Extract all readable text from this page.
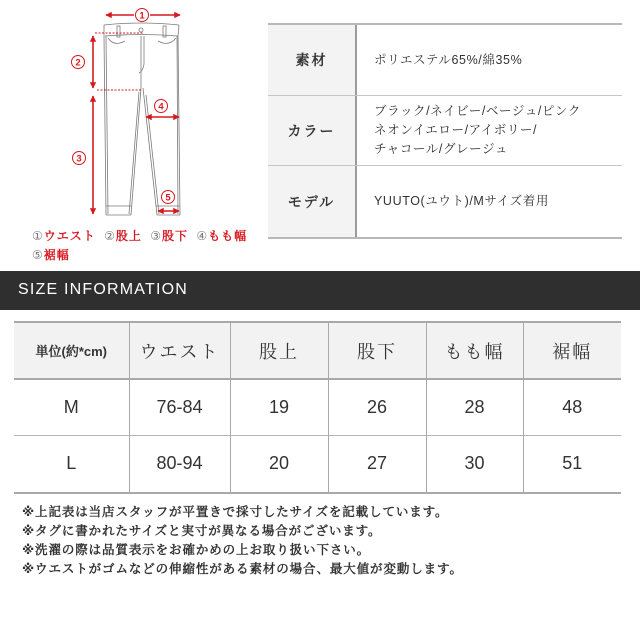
1
2
3
4
5
①ウエスト ②股上 ③股下 ④もも幅
⑤裾幅
素材	ポリエステル65%/綿35%
カラー
ブラック/ネイビー/ベージュ/ピンク
ネオンイエロー/アイボリー/
チャコール/グレージュ
モデル	YUUTO(ユウト)/Mサイズ着用
SIZE INFORMATION
単位(約*cm)	ウエスト	股上	股下	もも幅	裾幅
M	76-84	19	26	28	48
L	80-94	20	27	30	51
※上記表は当店スタッフが平置きで採寸したサイズを記載しています。
※タグに書かれたサイズと実寸が異なる場合がございます。
※洗濯の際は品質表示をお確かめの上お取り扱い下さい。
※ウエストがゴムなどの伸縮性がある素材の場合、最大値が変動します。
